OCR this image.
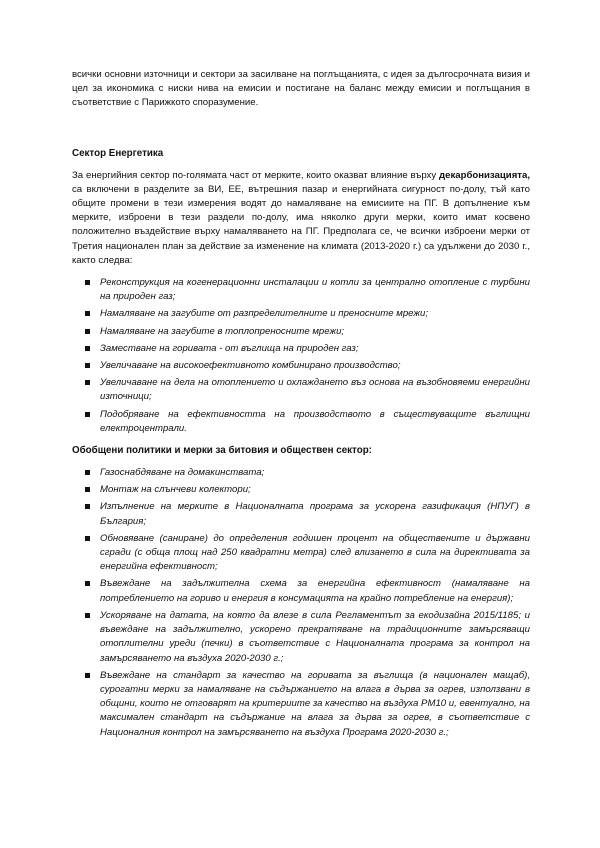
всички основни източници и сектори за засилване на поглъщанията, с идея за дългосрочната визия и цел за икономика с ниски нива на емисии и постигане на баланс между емисии и поглъщания в съответствие с Парижкото споразумение.

Сектор Енергетика

За енергийния сектор по-голямата част от мерките, които оказват влияние върху декарбонизацията, са включени в разделите за ВИ, ЕЕ, вътрешния пазар и енергийната сигурност по-долу, тъй като общите промени в тези измерения водят до намаляване на емисиите на ПГ. В допълнение към мерките, изброени в тези раздели по-долу, има няколко други мерки, които имат косвено положително въздействие върху намаляването на ПГ. Предполага се, че всички изброени мерки от Третия национален план за действие за изменение на климата (2013-2020 г.) са удължени до 2030 г., както следва:

Реконструкция на когенерационни инсталации и котли за централно отопление с турбини на природен газ;
Намаляване на загубите от разпределителните и преносните мрежи;
Намаляване на загубите в топлопреносните мрежи;
Заместване на горивата - от въглища на природен газ;
Увеличаване на високоефективното комбинирано производство;
Увеличаване на дела на отоплението и охлаждането въз основа на възобновяеми енергийни източници;
Подобряване на ефективността на производството в съществуващите въглищни електроцентрали.
Обобщени политики и мерки за битовия и обществен сектор:
Газоснабдяване на домакинствата;
Монтаж на слънчеви колектори;
Изпълнение на мерките в Националната програма за ускорена газификация (НПУГ) в България;
Обновяване (саниране) до определения годишен процент на обществените и държавни сгради (с обща площ над 250 квадратни метра) след влизането в сила на директивата за енергийна ефективност;
Въвеждане на задължителна схема за енергийна ефективност (намаляване на потреблението на гориво и енергия в консумацията на крайно потребление на енергия);
Ускоряване на датата, на която да влезе в сила Регламентът за екодизайна 2015/1185; и въвеждане на задължително, ускорено прекратяване на традиционните замърсяващи отоплителни уреди (печки) в съответствие с Националната програма за контрол на замърсяването на въздуха 2020-2030 г.;
Въвеждане на стандарт за качество на горивата за въглища (в национален мащаб), сурогатни мерки за намаляване на съдържанието на влага в дърва за огрев, използвани в общини, които не отговарят на критериите за качество на въздуха PM10 и, евентуално, на максимален стандарт на съдържание на влага за дърва за огрев, в съответствие с Националния контрол на замърсяването на въздуха Програма 2020-2030 г.;
